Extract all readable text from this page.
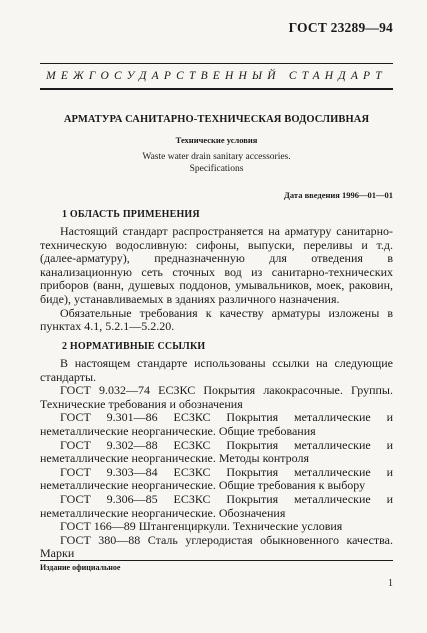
ГОСТ 23289—94
МЕЖГОСУДАРСТВЕННЫЙ СТАНДАРТ
АРМАТУРА САНИТАРНО-ТЕХНИЧЕСКАЯ ВОДОСЛИВНАЯ
Технические условия
Waste water drain sanitary accessories.
Specifications
Дата введения 1996—01—01
1 ОБЛАСТЬ ПРИМЕНЕНИЯ

Настоящий стандарт распространяется на арматуру санитарно-техническую водосливную: сифоны, выпуски, переливы и т.д. (далее-арматуру), предназначенную для отведения в канализационную сеть сточных вод из санитарно-технических приборов (ванн, душевых поддонов, умывальников, моек, раковин, биде), устанавливаемых в зданиях различного назначения.

Обязательные требования к качеству арматуры изложены в пунктах 4.1, 5.2.1—5.2.20.

2 НОРМАТИВНЫЕ ССЫЛКИ

В настоящем стандарте использованы ссылки на следующие стандарты.

ГОСТ 9.032—74 ЕСЗКС Покрытия лакокрасочные. Группы. Технические требования и обозначения

ГОСТ 9.301—86 ЕСЗКС Покрытия металлические и неметаллические неорганические. Общие требования

ГОСТ 9.302—88 ЕСЗКС Покрытия металлические и неметаллические неорганические. Методы контроля

ГОСТ 9.303—84 ЕСЗКС Покрытия металлические и неметаллические неорганические. Общие требования к выбору

ГОСТ 9.306—85 ЕСЗКС Покрытия металлические и неметаллические неорганические. Обозначения

ГОСТ 166—89 Штангенциркули. Технические условия

ГОСТ 380—88 Сталь углеродистая обыкновенного качества. Марки

Издание официальное
1
